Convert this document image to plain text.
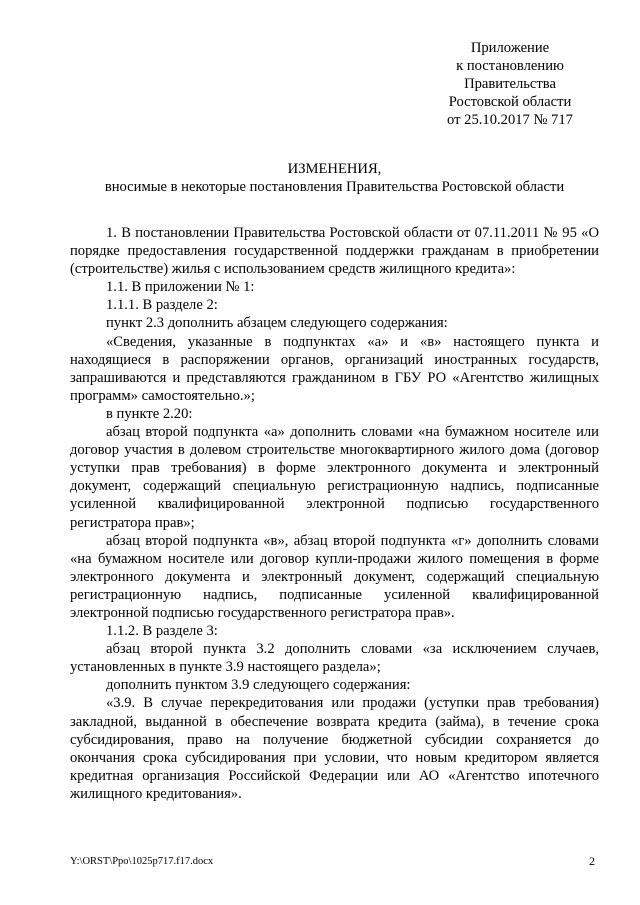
Приложение
к постановлению
Правительства
Ростовской области
от 25.10.2017 № 717
ИЗМЕНЕНИЯ,
вносимые в некоторые постановления Правительства Ростовской области

1. В постановлении Правительства Ростовской области от 07.11.2011 № 95 «О порядке предоставления государственной поддержки гражданам в приобретении (строительстве) жилья с использованием средств жилищного кредита»:

1.1. В приложении № 1:

1.1.1. В разделе 2:

пункт 2.3 дополнить абзацем следующего содержания:

«Сведения, указанные в подпунктах «а» и «в» настоящего пункта и находящиеся в распоряжении органов, организаций иностранных государств, запрашиваются и представляются гражданином в ГБУ РО «Агентство жилищных программ» самостоятельно.»;

в пункте 2.20:

абзац второй подпункта «а» дополнить словами «на бумажном носителе или договор участия в долевом строительстве многоквартирного жилого дома (договор уступки прав требования) в форме электронного документа и электронный документ, содержащий специальную регистрационную надпись, подписанные усиленной квалифицированной электронной подписью государственного регистратора прав»;

абзац второй подпункта «в», абзац второй подпункта «г» дополнить словами «на бумажном носителе или договор купли-продажи жилого помещения в форме электронного документа и электронный документ, содержащий специальную регистрационную надпись, подписанные усиленной квалифицированной электронной подписью государственного регистратора прав».

1.1.2. В разделе 3:

абзац второй пункта 3.2 дополнить словами «за исключением случаев, установленных в пункте 3.9 настоящего раздела»;

дополнить пунктом 3.9 следующего содержания:

«3.9. В случае перекредитования или продажи (уступки прав требования) закладной, выданной в обеспечение возврата кредита (займа), в течение срока субсидирования, право на получение бюджетной субсидии сохраняется до окончания срока субсидирования при условии, что новым кредитором является кредитная организация Российской Федерации или АО «Агентство ипотечного жилищного кредитования».

Y:\ORST\Ppo\1025p717.f17.docx	2
